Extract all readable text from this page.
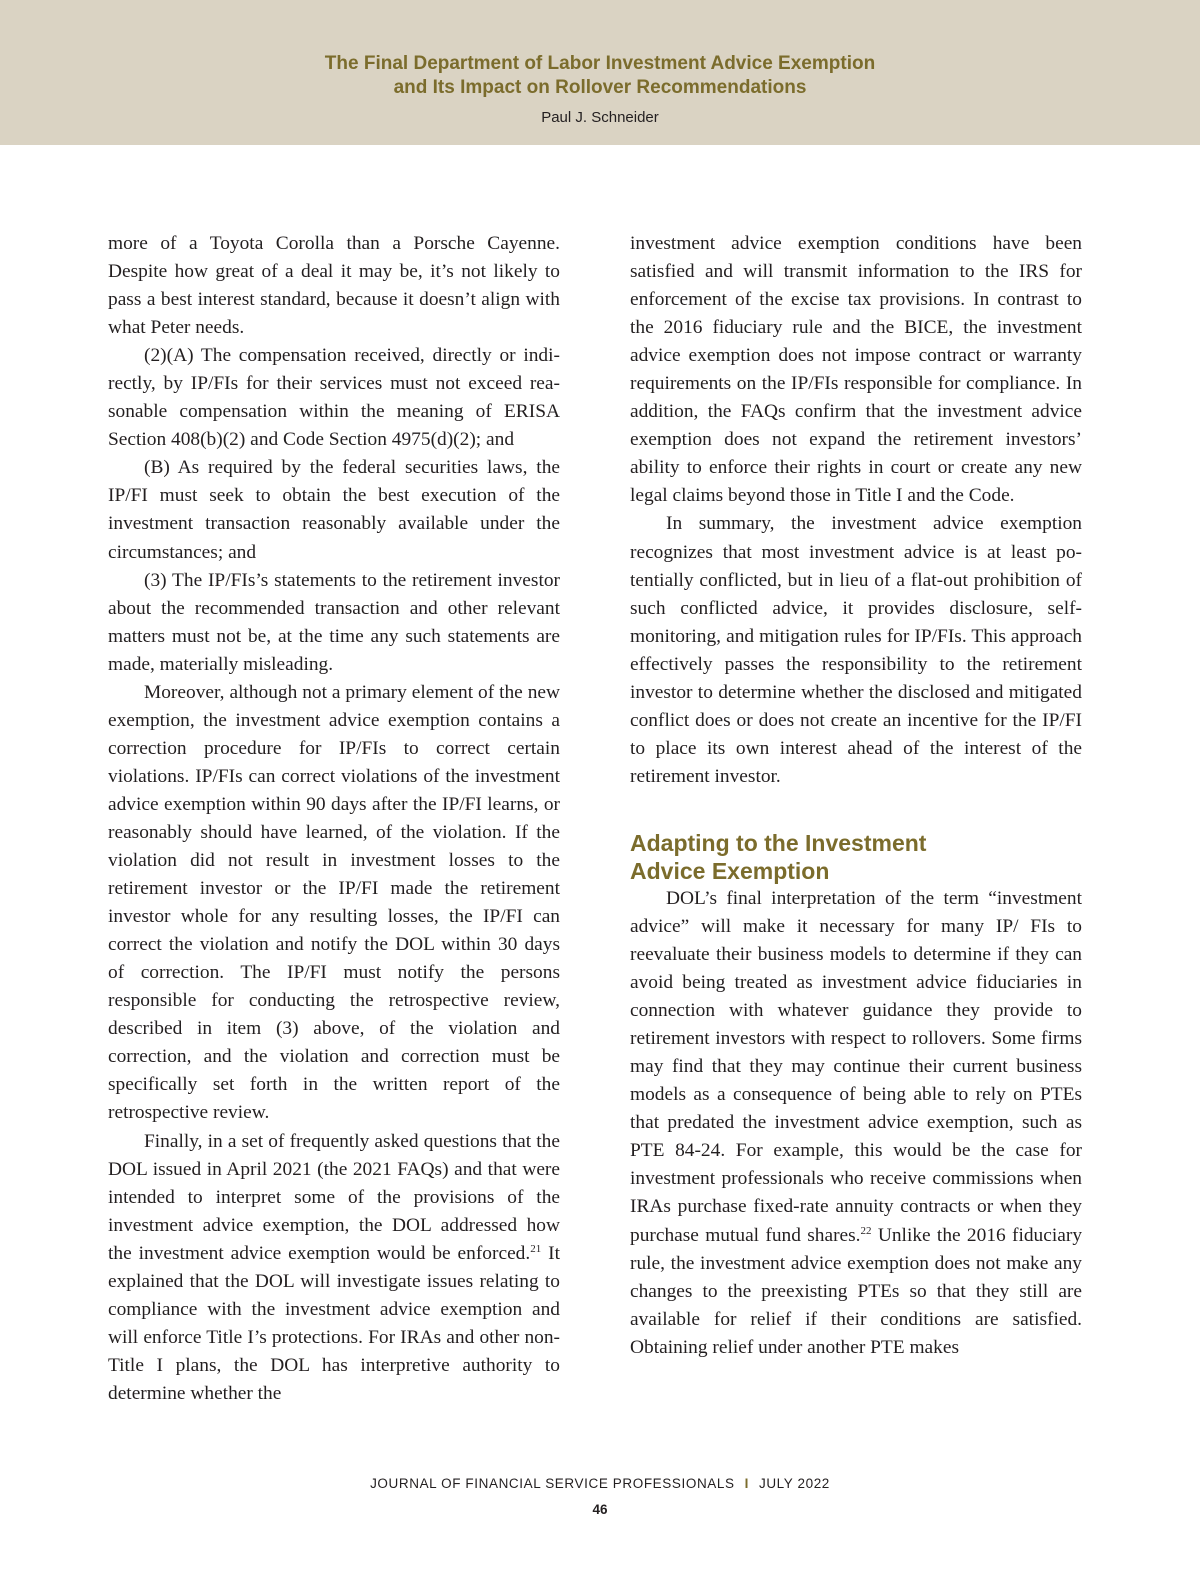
The Final Department of Labor Investment Advice Exemption
and Its Impact on Rollover Recommendations
Paul J. Schneider

more of a Toyota Corolla than a Porsche Cayenne. Despite how great of a deal it may be, it’s not likely to pass a best interest standard, because it doesn’t align with what Peter needs.

(2)(A) The compensation received, directly or indirectly, by IP/FIs for their services must not exceed reasonable compensation within the meaning of ERISA Section 408(b)(2) and Code Section 4975(d)(2); and

(B) As required by the federal securities laws, the IP/FI must seek to obtain the best execution of the investment transaction reasonably available under the circumstances; and

(3) The IP/FIs’s statements to the retirement investor about the recommended transaction and other relevant matters must not be, at the time any such statements are made, materially misleading.

Moreover, although not a primary element of the new exemption, the investment advice exemption contains a correction procedure for IP/FIs to correct certain violations. IP/FIs can correct violations of the investment advice exemption within 90 days after the IP/FI learns, or reasonably should have learned, of the violation. If the violation did not result in investment losses to the retirement investor or the IP/FI made the retirement investor whole for any resulting losses, the IP/FI can correct the violation and notify the DOL within 30 days of correction. The IP/FI must notify the persons responsible for conducting the retrospective review, described in item (3) above, of the violation and correction, and the violation and correction must be specifically set forth in the written report of the retrospective review.

Finally, in a set of frequently asked questions that the DOL issued in April 2021 (the 2021 FAQs) and that were intended to interpret some of the provisions of the investment advice exemption, the DOL addressed how the investment advice exemption would be enforced.$^{21}$ It explained that the DOL will investigate issues relating to compliance with the investment advice exemption and will enforce Title I’s protections. For IRAs and other non-Title I plans, the DOL has interpretive authority to determine whether the

investment advice exemption conditions have been satisfied and will transmit information to the IRS for enforcement of the excise tax provisions. In contrast to the 2016 fiduciary rule and the BICE, the investment advice exemption does not impose contract or warranty requirements on the IP/FIs responsible for compliance. In addition, the FAQs confirm that the investment advice exemption does not expand the retirement investors’ ability to enforce their rights in court or create any new legal claims beyond those in Title I and the Code.

In summary, the investment advice exemption recognizes that most investment advice is at least potentially conflicted, but in lieu of a flat-out prohibition of such conflicted advice, it provides disclosure, self-monitoring, and mitigation rules for IP/FIs. This approach effectively passes the responsibility to the retirement investor to determine whether the disclosed and mitigated conflict does or does not create an incentive for the IP/FI to place its own interest ahead of the interest of the retirement investor.

Adapting to the Investment
Advice Exemption

DOL’s final interpretation of the term “investment advice” will make it necessary for many IP/ FIs to reevaluate their business models to determine if they can avoid being treated as investment advice fiduciaries in connection with whatever guidance they provide to retirement investors with respect to rollovers. Some firms may find that they may continue their current business models as a consequence of being able to rely on PTEs that predated the investment advice exemption, such as PTE 84-24. For example, this would be the case for investment professionals who receive commissions when IRAs purchase fixed-rate annuity contracts or when they purchase mutual fund shares.$^{22}$ Unlike the 2016 fiduciary rule, the investment advice exemption does not make any changes to the preexisting PTEs so that they still are available for relief if their conditions are satisfied. Obtaining relief under another PTE makes

JOURNAL OF FINANCIAL SERVICE PROFESSIONALS I JULY 2022
46
